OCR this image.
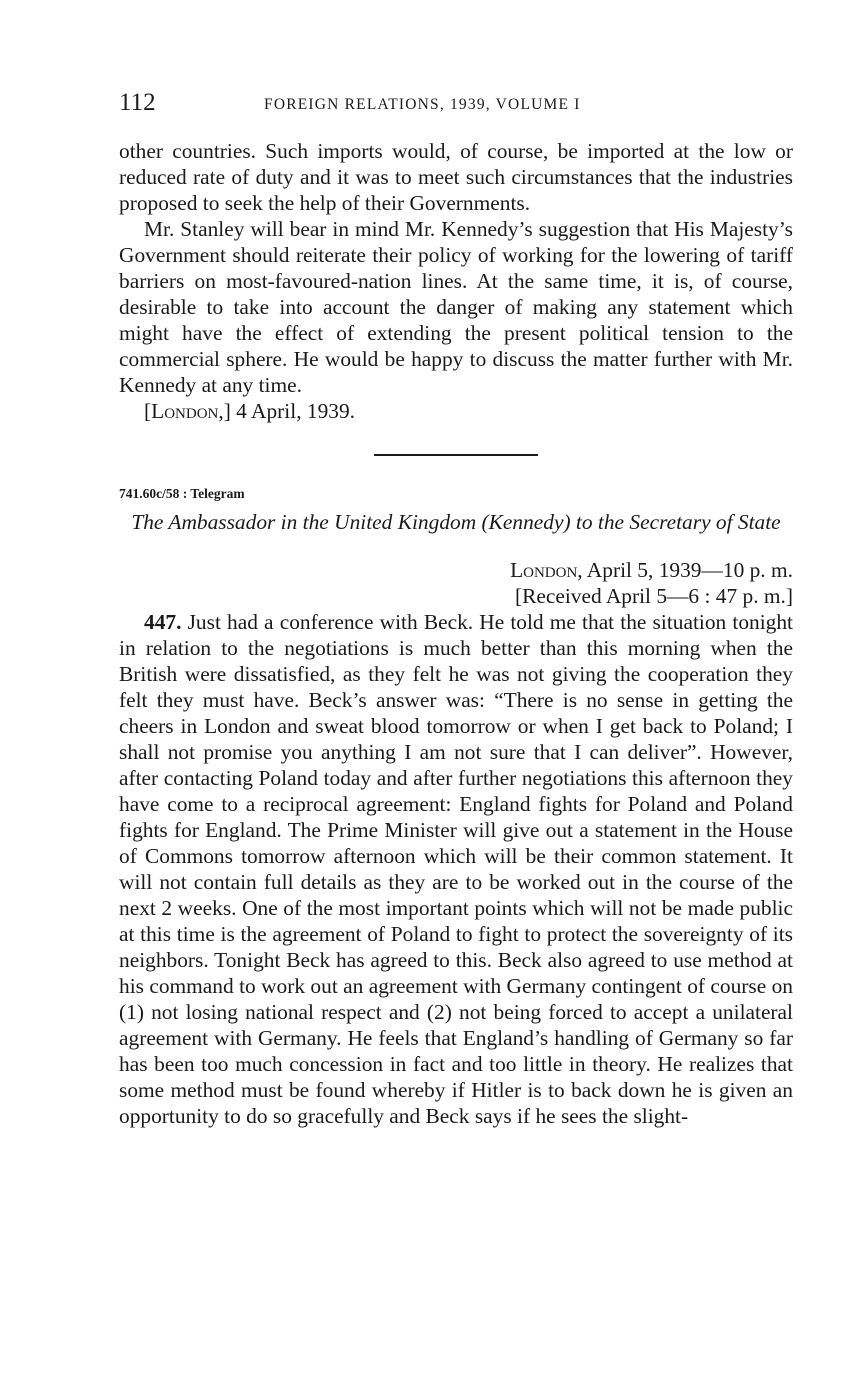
112	FOREIGN RELATIONS, 1939, VOLUME I

other countries. Such imports would, of course, be imported at the low or reduced rate of duty and it was to meet such circumstances that the industries proposed to seek the help of their Governments.

Mr. Stanley will bear in mind Mr. Kennedy’s suggestion that His Majesty’s Government should reiterate their policy of working for the lowering of tariff barriers on most-favoured-nation lines. At the same time, it is, of course, desirable to take into account the danger of making any statement which might have the effect of extending the present political tension to the commercial sphere. He would be happy to discuss the matter further with Mr. Kennedy at any time.

[London,] 4 April, 1939.

741.60c/58 : Telegram
The Ambassador in the United Kingdom (Kennedy) to the Secretary of State
London, April 5, 1939—10 p. m.
[Received April 5—6 : 47 p. m.]

447. Just had a conference with Beck. He told me that the situation tonight in relation to the negotiations is much better than this morning when the British were dissatisfied, as they felt he was not giving the cooperation they felt they must have. Beck’s answer was: “There is no sense in getting the cheers in London and sweat blood tomorrow or when I get back to Poland; I shall not promise you anything I am not sure that I can deliver”. However, after contacting Poland today and after further negotiations this afternoon they have come to a reciprocal agreement: England fights for Poland and Poland fights for England. The Prime Minister will give out a statement in the House of Commons tomorrow afternoon which will be their common statement. It will not contain full details as they are to be worked out in the course of the next 2 weeks. One of the most important points which will not be made public at this time is the agreement of Poland to fight to protect the sovereignty of its neighbors. Tonight Beck has agreed to this. Beck also agreed to use method at his command to work out an agreement with Germany contingent of course on (1) not losing national respect and (2) not being forced to accept a unilateral agreement with Germany. He feels that England’s handling of Germany so far has been too much concession in fact and too little in theory. He realizes that some method must be found whereby if Hitler is to back down he is given an opportunity to do so gracefully and Beck says if he sees the slight-
